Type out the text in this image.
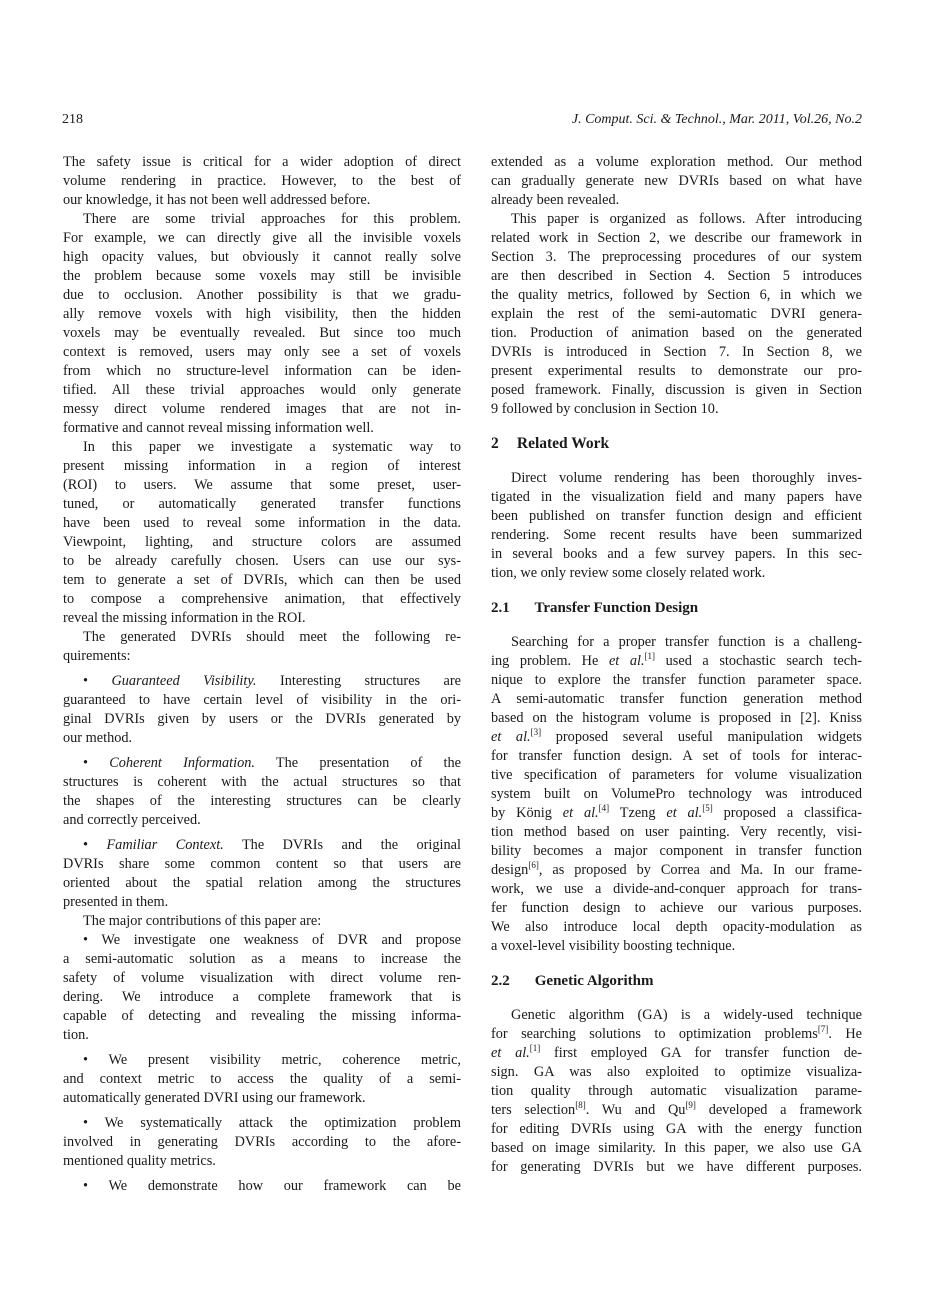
218	J. Comput. Sci. & Technol., Mar. 2011, Vol.26, No.2
The safety issue is critical for a wider adoption of direct
volume rendering in practice. However, to the best of
our knowledge, it has not been well addressed before.
There are some trivial approaches for this problem.
For example, we can directly give all the invisible voxels
high opacity values, but obviously it cannot really solve
the problem because some voxels may still be invisible
due to occlusion. Another possibility is that we gradu-
ally remove voxels with high visibility, then the hidden
voxels may be eventually revealed. But since too much
context is removed, users may only see a set of voxels
from which no structure-level information can be iden-
tified. All these trivial approaches would only generate
messy direct volume rendered images that are not in-
formative and cannot reveal missing information well.
In this paper we investigate a systematic way to
present missing information in a region of interest
(ROI) to users. We assume that some preset, user-
tuned, or automatically generated transfer functions
have been used to reveal some information in the data.
Viewpoint, lighting, and structure colors are assumed
to be already carefully chosen. Users can use our sys-
tem to generate a set of DVRIs, which can then be used
to compose a comprehensive animation, that effectively
reveal the missing information in the ROI.
The generated DVRIs should meet the following re-
quirements:
• Guaranteed Visibility. Interesting structures are
guaranteed to have certain level of visibility in the ori-
ginal DVRIs given by users or the DVRIs generated by
our method.
• Coherent Information. The presentation of the
structures is coherent with the actual structures so that
the shapes of the interesting structures can be clearly
and correctly perceived.
• Familiar Context. The DVRIs and the original
DVRIs share some common content so that users are
oriented about the spatial relation among the structures
presented in them.
The major contributions of this paper are:
• We investigate one weakness of DVR and propose
a semi-automatic solution as a means to increase the
safety of volume visualization with direct volume ren-
dering. We introduce a complete framework that is
capable of detecting and revealing the missing informa-
tion.
• We present visibility metric, coherence metric,
and context metric to access the quality of a semi-
automatically generated DVRI using our framework.
• We systematically attack the optimization problem
involved in generating DVRIs according to the afore-
mentioned quality metrics.
• We demonstrate how our framework can be
extended as a volume exploration method. Our method
can gradually generate new DVRIs based on what have
already been revealed.
This paper is organized as follows. After introducing
related work in Section 2, we describe our framework in
Section 3. The preprocessing procedures of our system
are then described in Section 4. Section 5 introduces
the quality metrics, followed by Section 6, in which we
explain the rest of the semi-automatic DVRI genera-
tion. Production of animation based on the generated
DVRIs is introduced in Section 7. In Section 8, we
present experimental results to demonstrate our pro-
posed framework. Finally, discussion is given in Section
9 followed by conclusion in Section 10.
2 Related Work
Direct volume rendering has been thoroughly inves-
tigated in the visualization field and many papers have
been published on transfer function design and efficient
rendering. Some recent results have been summarized
in several books and a few survey papers. In this sec-
tion, we only review some closely related work.
2.1 Transfer Function Design
Searching for a proper transfer function is a challeng-
ing problem. He et al.[1] used a stochastic search tech-
nique to explore the transfer function parameter space.
A semi-automatic transfer function generation method
based on the histogram volume is proposed in [2]. Kniss
et al.[3] proposed several useful manipulation widgets
for transfer function design. A set of tools for interac-
tive specification of parameters for volume visualization
system built on VolumePro technology was introduced
by König et al.[4] Tzeng et al.[5] proposed a classifica-
tion method based on user painting. Very recently, visi-
bility becomes a major component in transfer function
design[6], as proposed by Correa and Ma. In our frame-
work, we use a divide-and-conquer approach for trans-
fer function design to achieve our various purposes.
We also introduce local depth opacity-modulation as
a voxel-level visibility boosting technique.
2.2 Genetic Algorithm
Genetic algorithm (GA) is a widely-used technique
for searching solutions to optimization problems[7]. He
et al.[1] first employed GA for transfer function de-
sign. GA was also exploited to optimize visualiza-
tion quality through automatic visualization parame-
ters selection[8]. Wu and Qu[9] developed a framework
for editing DVRIs using GA with the energy function
based on image similarity. In this paper, we also use GA
for generating DVRIs but we have different purposes.
